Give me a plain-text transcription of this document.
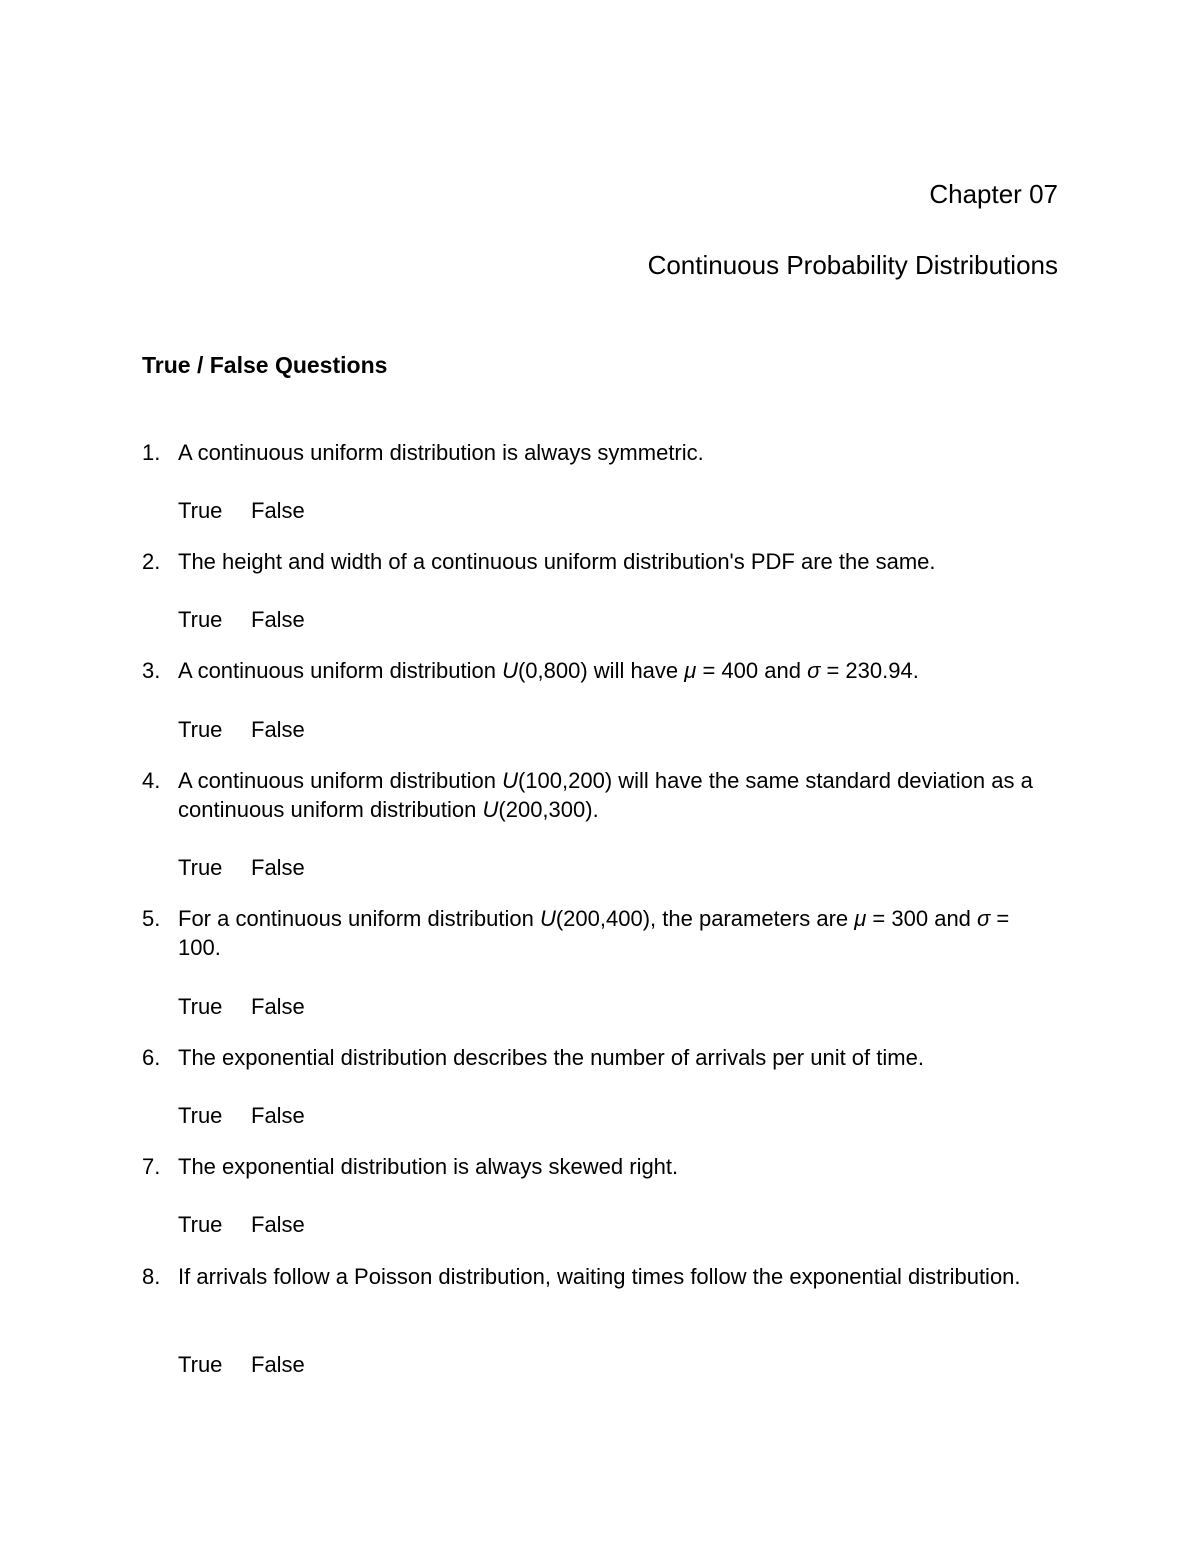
Chapter 07
Continuous Probability Distributions
True / False Questions
1. A continuous uniform distribution is always symmetric.
True False
2. The height and width of a continuous uniform distribution's PDF are the same.
True False
3. A continuous uniform distribution U(0,800) will have μ = 400 and σ = 230.94.
True False
4. A continuous uniform distribution U(100,200) will have the same standard deviation as a continuous uniform distribution U(200,300).
True False
5. For a continuous uniform distribution U(200,400), the parameters are μ = 300 and σ = 100.
True False
6. The exponential distribution describes the number of arrivals per unit of time.
True False
7. The exponential distribution is always skewed right.
True False
8. If arrivals follow a Poisson distribution, waiting times follow the exponential distribution.
True False
